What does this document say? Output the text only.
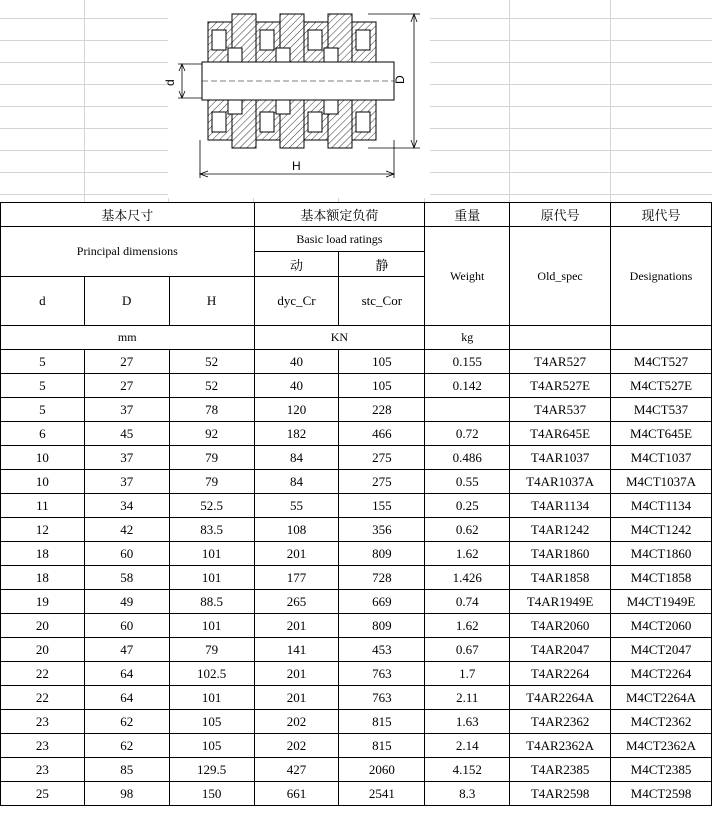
d	D
H
基本尺寸			基本额定负荷		重量	原代号	现代号
Principal dimensions			Basic load ratings		Weight	Old_spec	Designations
			动	静			
d	D	H	dyc_Cr	stc_Cor			
mm			KN		kg		
5	27	52	40	105	0.155	T4AR527	M4CT527
5	27	52	40	105	0.142	T4AR527E	M4CT527E
5	37	78	120	228		T4AR537	M4CT537
6	45	92	182	466	0.72	T4AR645E	M4CT645E
10	37	79	84	275	0.486	T4AR1037	M4CT1037
10	37	79	84	275	0.55	T4AR1037A	M4CT1037A
11	34	52.5	55	155	0.25	T4AR1134	M4CT1134
12	42	83.5	108	356	0.62	T4AR1242	M4CT1242
18	60	101	201	809	1.62	T4AR1860	M4CT1860
18	58	101	177	728	1.426	T4AR1858	M4CT1858
19	49	88.5	265	669	0.74	T4AR1949E	M4CT1949E
20	60	101	201	809	1.62	T4AR2060	M4CT2060
20	47	79	141	453	0.67	T4AR2047	M4CT2047
22	64	102.5	201	763	1.7	T4AR2264	M4CT2264
22	64	101	201	763	2.11	T4AR2264A	M4CT2264A
23	62	105	202	815	1.63	T4AR2362	M4CT2362
23	62	105	202	815	2.14	T4AR2362A	M4CT2362A
23	85	129.5	427	2060	4.152	T4AR2385	M4CT2385
25	98	150	661	2541	8.3	T4AR2598	M4CT2598
